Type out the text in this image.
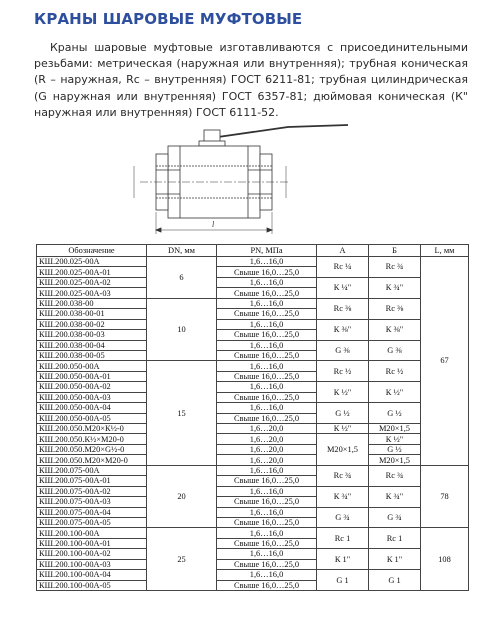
КРАНЫ ШАРОВЫЕ МУФТОВЫЕ
Краны шаровые муфтовые изготавливаются с присоединительными резьбами: метрическая (наружная или внутренняя); трубная коническая (R – наружная, Rc – внутренняя) ГОСТ 6211-81; трубная цилиндрическая (G наружная или внутренняя) ГОСТ 6357-81; дюймовая коническая (К" наружная или внутренняя) ГОСТ 6111-52.
l
Обозначение	DN, мм	PN, МПа	А	Б	L, мм
КШ.200.025-00А	6	1,6…16,0	Rc ¼	Rc ¾	67
КШ.200.025-00А-01		Свыше 16,0…25,0			
КШ.200.025-00А-02		1,6…16,0	К ¼"	К ¾"	
КШ.200.025-00А-03		Свыше 16,0…25,0			
КШ.200.038-00	10	1,6…16,0	Rc ⅜	Rc ⅜	
КШ.200.038-00-01		Свыше 16,0…25,0			
КШ.200.038-00-02		1,6…16,0	К ⅜"	К ⅜"	
КШ.200.038-00-03		Свыше 16,0…25,0			
КШ.200.038-00-04		1,6…16,0	G ⅜	G ⅜	
КШ.200.038-00-05		Свыше 16,0…25,0			
КШ.200.050-00А	15	1,6…16,0	Rc ½	Rc ½	
КШ.200.050-00А-01		Свыше 16,0…25,0			
КШ.200.050-00А-02		1,6…16,0	К ½"	К ½"	
КШ.200.050-00А-03		Свыше 16,0…25,0			
КШ.200.050-00А-04		1,6…16,0	G ½	G ½	
КШ.200.050-00А-05		Свыше 16,0…25,0			
КШ.200.050.М20×К½-0		1,6…20,0	К ½"	М20×1,5	
КШ.200.050.К½×М20-0		1,6…20,0	М20×1,5	К ½"	
КШ.200.050.М20×G½-0		1,6…20,0		G ½	
КШ.200.050.М20×М20-0		1,6…20,0		М20×1,5	
КШ.200.075-00А	20	1,6…16,0	Rc ¾	Rc ¾	78
КШ.200.075-00А-01		Свыше 16,0…25,0			
КШ.200.075-00А-02		1,6…16,0	К ¾"	К ¾"	
КШ.200.075-00А-03		Свыше 16,0…25,0			
КШ.200.075-00А-04		1,6…16,0	G ¾	G ¾	
КШ.200.075-00А-05		Свыше 16,0…25,0			
КШ.200.100-00А	25	1,6…16,0	Rc 1	Rc 1	108
КШ.200.100-00А-01		Свыше 16,0…25,0			
КШ.200.100-00А-02		1,6…16,0	К 1"	К 1"	
КШ.200.100-00А-03		Свыше 16,0…25,0			
КШ.200.100-00А-04		1,6…16,0	G 1	G 1	
КШ.200.100-00А-05		Свыше 16,0…25,0			
